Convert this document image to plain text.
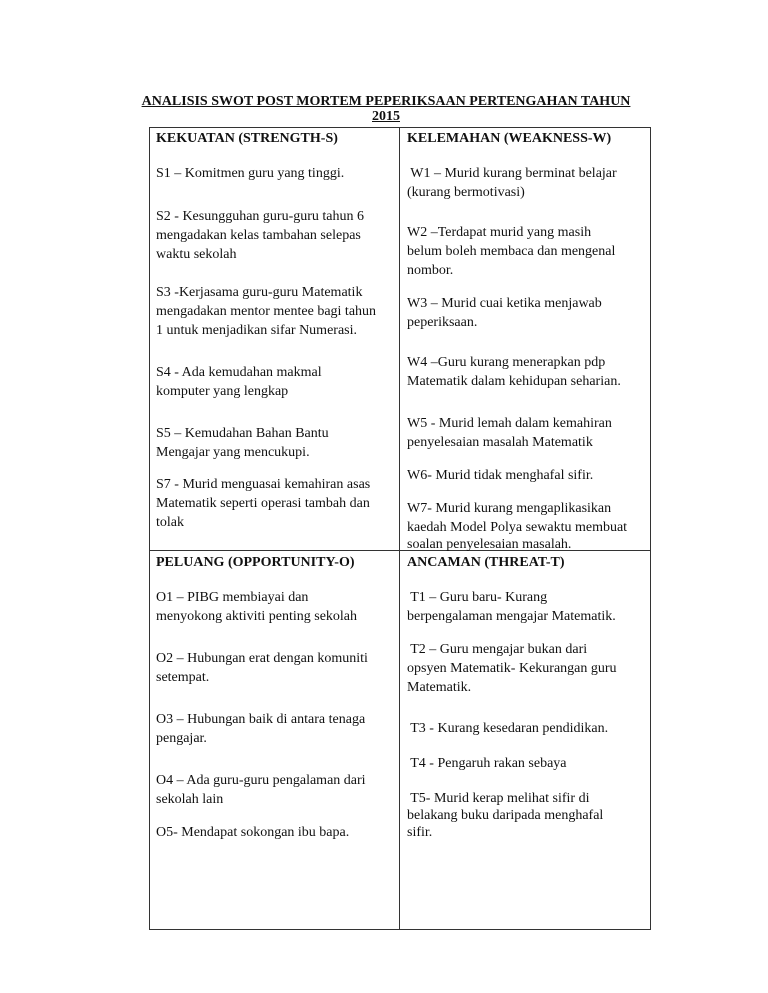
ANALISIS SWOT POST MORTEM PEPERIKSAAN PERTENGAHAN TAHUN
2015
KEKUATAN (STRENGTH-S)
S1 – Komitmen guru yang tinggi.
S2 - Kesungguhan guru-guru tahun 6
mengadakan kelas tambahan selepas
waktu sekolah
S3 -Kerjasama guru-guru Matematik
mengadakan mentor mentee bagi tahun
1 untuk menjadikan sifar Numerasi.
S4 - Ada kemudahan makmal
komputer yang lengkap
S5 – Kemudahan Bahan Bantu
Mengajar yang mencukupi.
S7 - Murid menguasai kemahiran asas
Matematik seperti operasi tambah dan
tolak
KELEMAHAN (WEAKNESS-W)
W1 – Murid kurang berminat belajar
(kurang bermotivasi)
W2 –Terdapat murid yang masih
belum boleh membaca dan mengenal
nombor.
W3 – Murid cuai ketika menjawab
peperiksaan.
W4 –Guru kurang menerapkan pdp
Matematik dalam kehidupan seharian.
W5 - Murid lemah dalam kemahiran
penyelesaian masalah Matematik
W6- Murid tidak menghafal sifir.
W7- Murid kurang mengaplikasikan
kaedah Model Polya sewaktu membuat
soalan penyelesaian masalah.
PELUANG (OPPORTUNITY-O)
O1 – PIBG membiayai dan
menyokong aktiviti penting sekolah
O2 – Hubungan erat dengan komuniti
setempat.
O3 – Hubungan baik di antara tenaga
pengajar.
O4 – Ada guru-guru pengalaman dari
sekolah lain
O5- Mendapat sokongan ibu bapa.
ANCAMAN (THREAT-T)
T1 – Guru baru- Kurang
berpengalaman mengajar Matematik.
T2 – Guru mengajar bukan dari
opsyen Matematik- Kekurangan guru
Matematik.
T3 - Kurang kesedaran pendidikan.
T4 - Pengaruh rakan sebaya
T5- Murid kerap melihat sifir di
belakang buku daripada menghafal
sifir.
